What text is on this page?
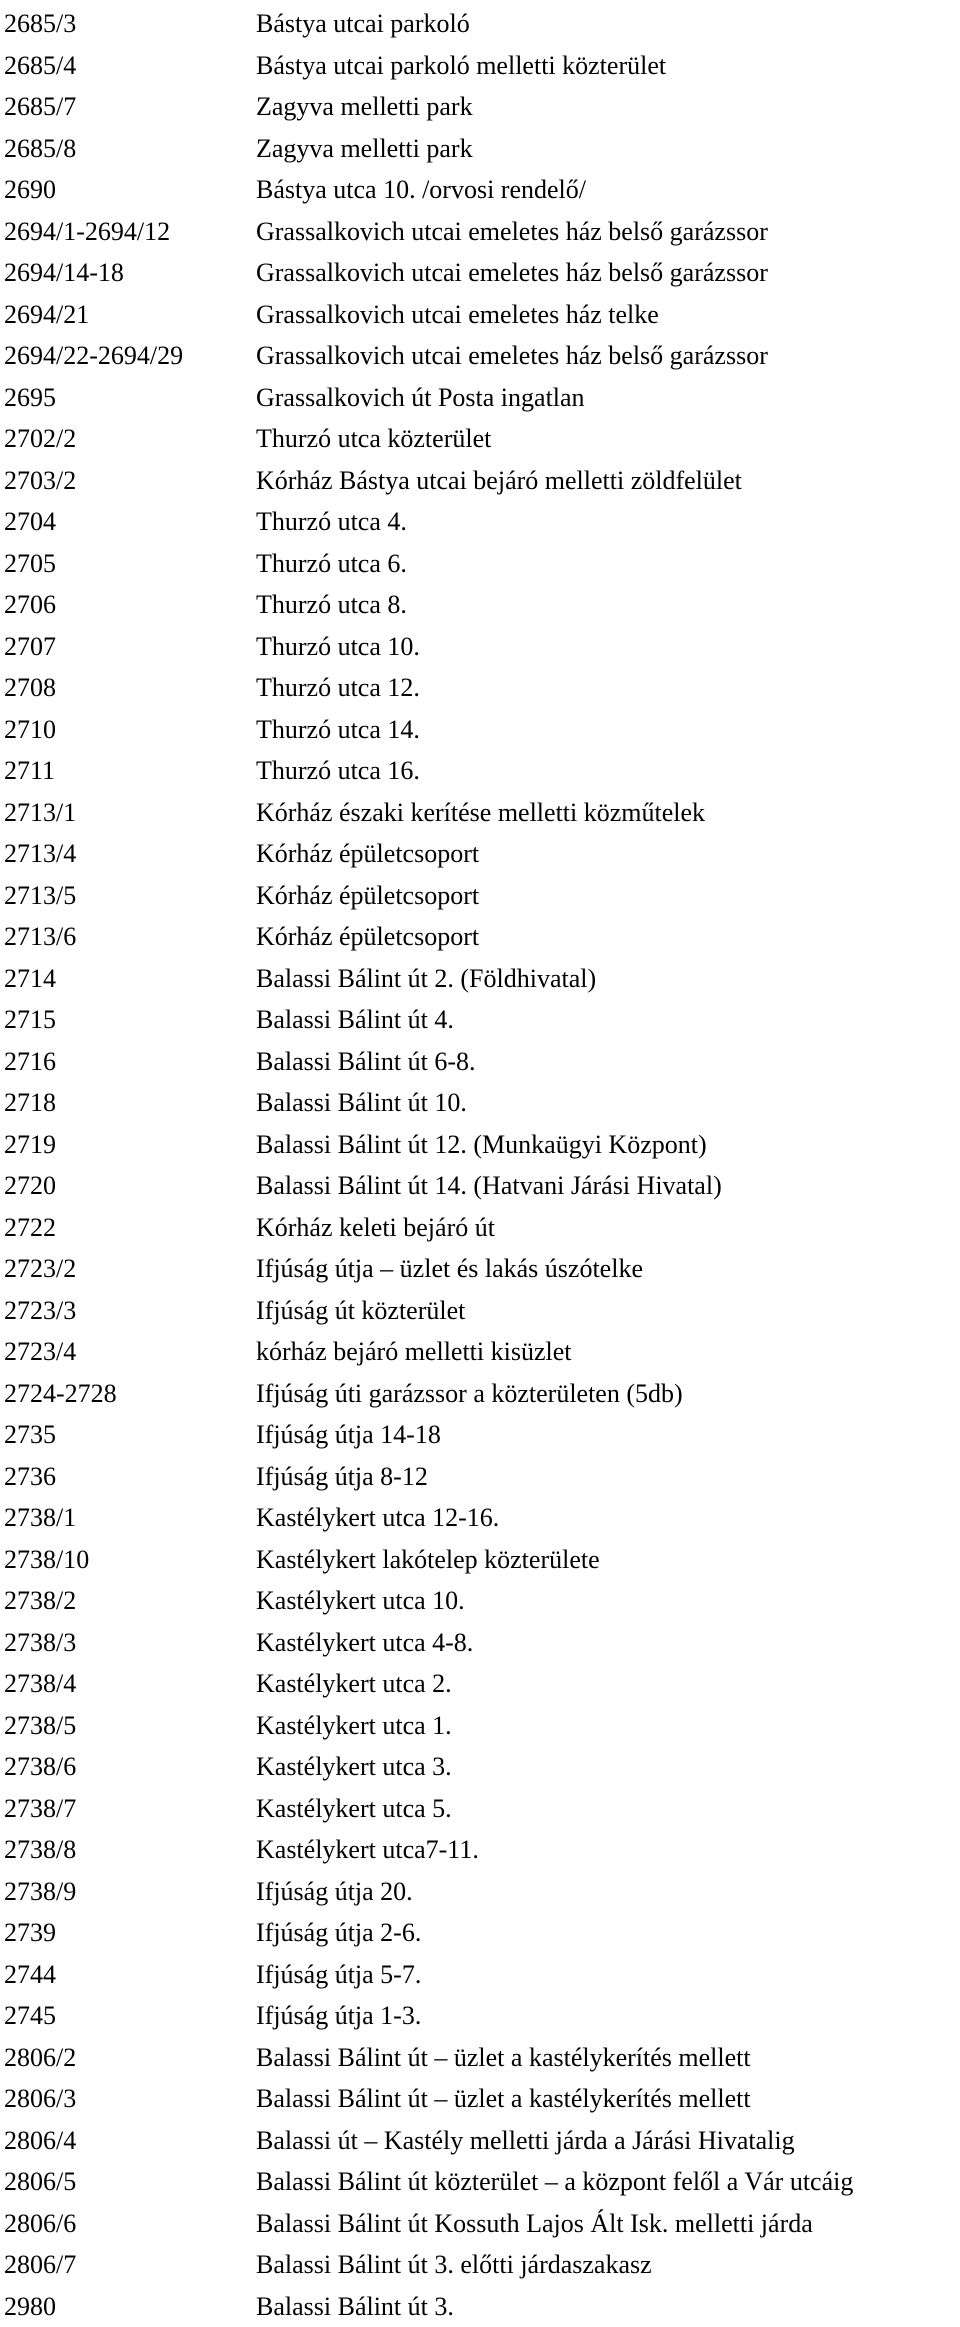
2685/3	Bástya utcai parkoló
2685/4	Bástya utcai parkoló melletti közterület
2685/7	Zagyva melletti park
2685/8	Zagyva melletti park
2690	Bástya utca 10. /orvosi rendelő/
2694/1-2694/12	Grassalkovich utcai emeletes ház belső garázssor
2694/14-18	Grassalkovich utcai emeletes ház belső garázssor
2694/21	Grassalkovich utcai emeletes ház telke
2694/22-2694/29	Grassalkovich utcai emeletes ház belső garázssor
2695	Grassalkovich út Posta ingatlan
2702/2	Thurzó utca közterület
2703/2	Kórház Bástya utcai bejáró melletti zöldfelület
2704	Thurzó utca 4.
2705	Thurzó utca 6.
2706	Thurzó utca 8.
2707	Thurzó utca 10.
2708	Thurzó utca 12.
2710	Thurzó utca 14.
2711	Thurzó utca 16.
2713/1	Kórház északi kerítése melletti közműtelek
2713/4	Kórház épületcsoport
2713/5	Kórház épületcsoport
2713/6	Kórház épületcsoport
2714	Balassi Bálint út 2. (Földhivatal)
2715	Balassi Bálint út 4.
2716	Balassi Bálint út 6-8.
2718	Balassi Bálint út 10.
2719	Balassi Bálint út 12. (Munkaügyi Központ)
2720	Balassi Bálint út 14. (Hatvani Járási Hivatal)
2722	Kórház keleti bejáró út
2723/2	Ifjúság útja – üzlet és lakás úszótelke
2723/3	Ifjúság út közterület
2723/4	kórház bejáró melletti kisüzlet
2724-2728	Ifjúság úti garázssor a közterületen (5db)
2735	Ifjúság útja 14-18
2736	Ifjúság útja 8-12
2738/1	Kastélykert utca 12-16.
2738/10	Kastélykert lakótelep közterülete
2738/2	Kastélykert utca 10.
2738/3	Kastélykert utca 4-8.
2738/4	Kastélykert utca 2.
2738/5	Kastélykert utca 1.
2738/6	Kastélykert utca 3.
2738/7	Kastélykert utca 5.
2738/8	Kastélykert utca7-11.
2738/9	Ifjúság útja 20.
2739	Ifjúság útja 2-6.
2744	Ifjúság útja 5-7.
2745	Ifjúság útja 1-3.
2806/2	Balassi Bálint út – üzlet a kastélykerítés mellett
2806/3	Balassi Bálint út – üzlet a kastélykerítés mellett
2806/4	Balassi út – Kastély melletti járda a Járási Hivatalig
2806/5	Balassi Bálint út közterület – a központ felől a Vár utcáig
2806/6	Balassi Bálint út Kossuth Lajos Ált Isk. melletti járda
2806/7	Balassi Bálint út 3. előtti járdaszakasz
2980	Balassi Bálint út 3.
